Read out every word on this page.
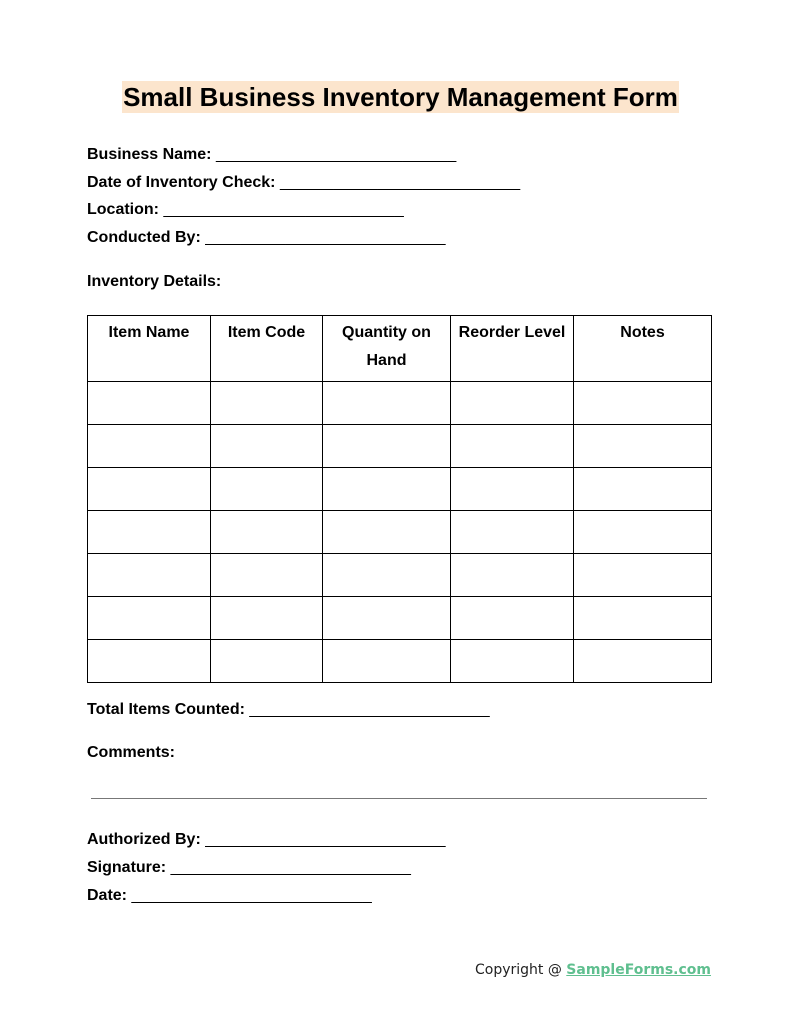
Small Business Inventory Management Form
Business Name: ___________________________
Date of Inventory Check: ___________________________
Location: ___________________________
Conducted By: ___________________________
Inventory Details:
Item Name	Item Code	Quantity on Hand	Reorder Level	Notes

Total Items Counted: ___________________________
Comments:
Authorized By: ___________________________
Signature: ___________________________
Date: ___________________________
Copyright @ SampleForms.com
